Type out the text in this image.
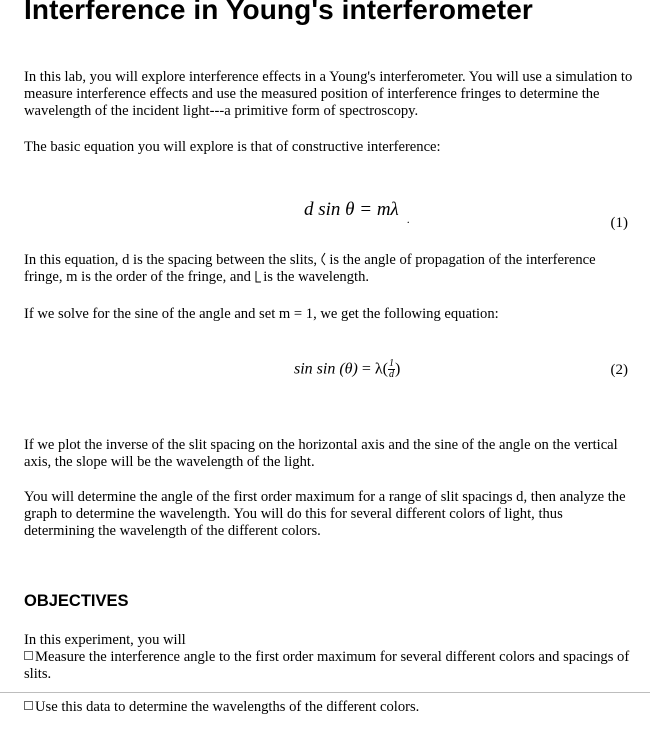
Interference in Young's interferometer

In this lab, you will explore interference effects in a Young's interferometer. You will use a simulation to measure interference effects and use the measured position of interference fringes to determine the wavelength of the incident light---a primitive form of spectroscopy.

The basic equation you will explore is that of constructive interference:

d sin θ = mλ $_.$	(1)

In this equation, d is the spacing between the slits, is the angle of propagation of the interference fringe, m is the order of the fringe, and is the wavelength.

If we solve for the sine of the angle and set m = 1, we get the following equation:

$\sin \sin (\theta) = \lambda( \frac{1}{d}$ )	(2)

If we plot the inverse of the slit spacing on the horizontal axis and the sine of the angle on the vertical axis, the slope will be the wavelength of the light.

You will determine the angle of the first order maximum for a range of slit spacings d, then analyze the graph to determine the wavelength. You will do this for several different colors of light, thus determining the wavelength of the different colors.

OBJECTIVES

In this experiment, you will

Measure the interference angle to the first order maximum for several different colors and spacings of slits.

Use this data to determine the wavelengths of the different colors.
